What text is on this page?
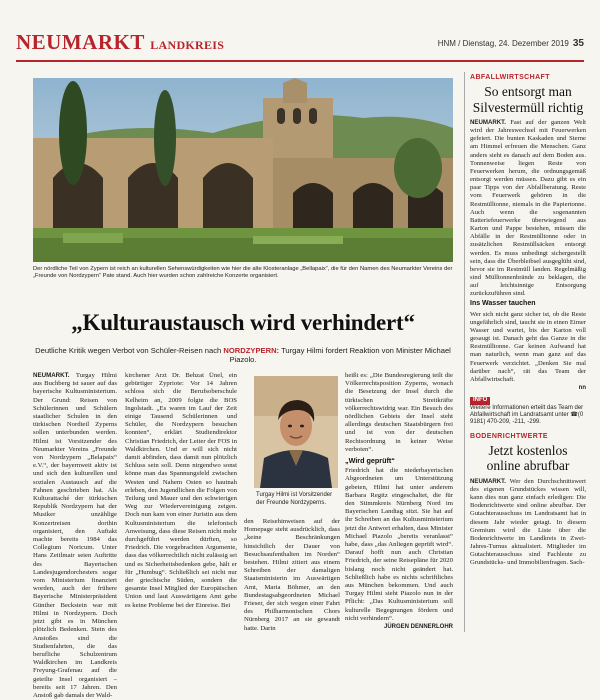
NEUMARKT LANDKREIS	HNM / Dienstag, 24. Dezember 2019 35
Der nördliche Teil von Zypern ist reich an kulturellen Sehenswürdigkeiten wie hier die alte Klosteranlage „Bellapaix“, die für den Namen des Neumarkter Vereins der „Freunde von Nordzypern“ Pate stand. Auch hier wurden schon zahlreiche Konzerte organisiert.
„Kulturaustausch wird verhindert“
Deutliche Kritik wegen Verbot von Schüler-Reisen nach NORDZYPERN: Turgay Hilmi fordert Reaktion von Minister Michael Piazolo.
NEUMARKT. Turgay Hilmi aus Buchberg ist sauer auf das bayerische Kultusministerium. Der Grund: Reisen von Schülerinnen und Schülern staatlicher Schulen in den türkischen Nordteil Zyperns sollen unterbunden werden. Hilmi ist Vorsitzender des Neumarkter Vereins „Freunde von Nordzypern „Belapaix“ e.V.“, der bayernweit aktiv ist und sich den kulturellen und sozialen Austausch auf die Fahnen geschrieben hat. Als Kulturattaché der türkischen Republik Nordzypern hat der Musiker unzählige Konzertreisen dorthin organisiert, den Auftakt machte bereits 1984 das Collegium Noricum. Unter Hans Zeitlmair seien Auftritte des Bayerischen Landesjugendorchesters sogar vom Ministerium finanziert worden, auch der frühere Bayerische Ministerpräsident Günther Beckstein war mit Hilmi in Nordzypern. Doch jetzt gibt es in München plötzlich Bedenken. Stein des Anstoßes sind die Studienfahrten, die das berufliche Schulzentrum Waldkirchen im Landkreis Freyung-Grafenau auf die geteilte Insel organisiert – bereits seit 17 Jahren. Den Anstoß gab damals der Wald-
kirchener Arzt Dr. Behzat Ünel, ein gebürtiger Zypriote: Vor 14 Jahren schloss sich die Berufsoberschule Kelheim an, 2009 folgte die BOS Ingolstadt. „Es waren im Lauf der Zeit einige Tausend Schülerinnen und Schüler, die Nordzypern besuchen konnten“, erklärt Studiendirektor Christian Friedrich, der Leiter der FOS in Waldkirchen. Und er will sich nicht damit abfinden, dass damit nun plötzlich Schluss sein soll. Denn nirgendwo sonst könne man das Spannungsfeld zwischen Westen und Nahem Osten so hautnah erleben, den Jugendlichen die Folgen von Teilung und Mauer und den schwierigen Weg zur Wiedervereinigung zeigen. Doch nun kam von einer Juristin aus dem Kultusministerium die telefonisch Anweisung, dass diese Reisen nicht mehr durchgeführt werden dürften, so Friedrich. Die vorgebrachten Argumente, dass das völkerrechtlich nicht zulässig sei und es Sicherheitsbedenken gebe, hält er für „Humbug“. Schließlich sei nicht nur der griechische Süden, sondern die gesamte Insel Mitglied der Europäischen Union und laut Auswärtigem Amt gebe es keine Probleme bei der Einreise. Bei
Turgay Hilmi ist Vorsitzender der Freunde Nordzyperns.
den Reisehinweisen auf der Homepage steht ausdrücklich, dass „keine Beschränkungen hinsichtlich der Dauer von Besuchsaufenthalten im Norden“ bestehen. Hilmi zitiert aus einem Schreiben der damaligen Staatsministerin im Auswärtigen Amt, Maria Böhmer, an den Bundestagsabgeordneten Michael Frieser, der sich wegen einer Fahrt des Philharmonischen Chors Nürnberg 2017 an sie gewandt hatte. Darin
heißt es: „Die Bundesregierung teilt die Völkerrechtsposition Zyperns, wonach die Besetzung der Insel durch die türkischen Streitkräfte völkerrechtswidrig war. Ein Besuch des nördlichen Gebiets der Insel steht allerdings deutschen Staatsbürgern frei und ist von der deutschen Rechtsordnung in keiner Weise verboten“.
„Wird geprüft“
Friedrich hat die niederbayerischen Abgeordneten um Unterstützung gebeten, Hilmi hat unter anderem Barbara Regitz eingeschaltet, die für den Stimmkreis Nürnberg Nord im Bayerischen Landtag sitzt. Sie hat auf ihr Schreiben an das Kultusministerium jetzt die Antwort erhalten, dass Minister Michael Piazolo „bereits veranlasst“ habe, dass „das Anliegen geprüft wird“. Darauf hofft nun auch Christian Friedrich, der seine Reisepläne für 2020 bislang noch nicht geändert hat. Schließlich habe es nichts schriftliches aus München bekommen. Und auch Turgay Hilmi sieht Piazolo nun in der Pflicht: „Das Kultusministerium soll kulturelle Begegnungen fördern und nicht verhindern“.
JÜRGEN DENNERLOHR
ABFALLWIRTSCHAFT
So entsorgt man Silvestermüll richtig
NEUMARKT. Fast auf der ganzen Welt wird der Jahreswechsel mit Feuerwerken gefeiert. Die bunten Kaskaden und Sterne am Himmel erfreuen die Menschen. Ganz anders sieht es danach auf dem Boden aus. Tonnenweise liegen Reste von Feuerwerken herum, die ordnungsgemäß entsorgt werden müssen. Dazu gibt es ein paar Tipps von der Abfallberatung. Reste vom Feuerwerk gehören in die Restmülltonne, niemals in die Papiertonne. Auch wenn die sogenannten Batteriefeuerwerke überwiegend aus Karton und Pappe bestehen, müssen die Abfälle in der Restmülltonne oder in zusätzlichen Restmüllsäcken entsorgt werden. Es muss unbedingt sichergestellt sein, dass die Überbleibsel ausgeglüht sind, bevor sie im Restmüll landen. Regelmäßig sind Mülltonnenbrände zu beklagen, die auf leichtsinnige Entsorgung zurückzuführen sind.
Ins Wasser tauchen
Wer sich nicht ganz sicher ist, ob die Reste ungefährlich sind, taucht sie in einen Eimer Wasser und wartet, bis der Karton voll gesaugt ist. Danach geht das Ganze in die Restmülltonne. Gar keinen Aufwand hat man naturlich, wenn man ganz auf das Feuerwerk verzichtet. „Denken Sie mal darüber nach“, rät das Team der Abfallwirtschaft.
nn
INFO
Weitere Informationen erteilt das Team der Abfallwirtschaft im Landratsamt unter ☎(0 9181) 470-209, -211, -299.
BODENRICHTWERTE
Jetzt kostenlos online abrufbar
NEUMARKT. Wer den Durchschnittswert des eigenen Grundstückes wissen will, kann dies nun ganz einfach erledigen: Die Bodenrichtwerte sind online abrufbar. Der Gutachterausschuss im Landratsamt hat in diesem Jahr wieder getagt. In diesem Gremium wird die Liste über die Bodenrichtwerte im Landkreis in Zwei-Jahres-Turnus aktualisiert. Mitglieder im Gutachterausschuss sind Fachleute zu Grundstücks- und Immobilienfragen. Sach-
